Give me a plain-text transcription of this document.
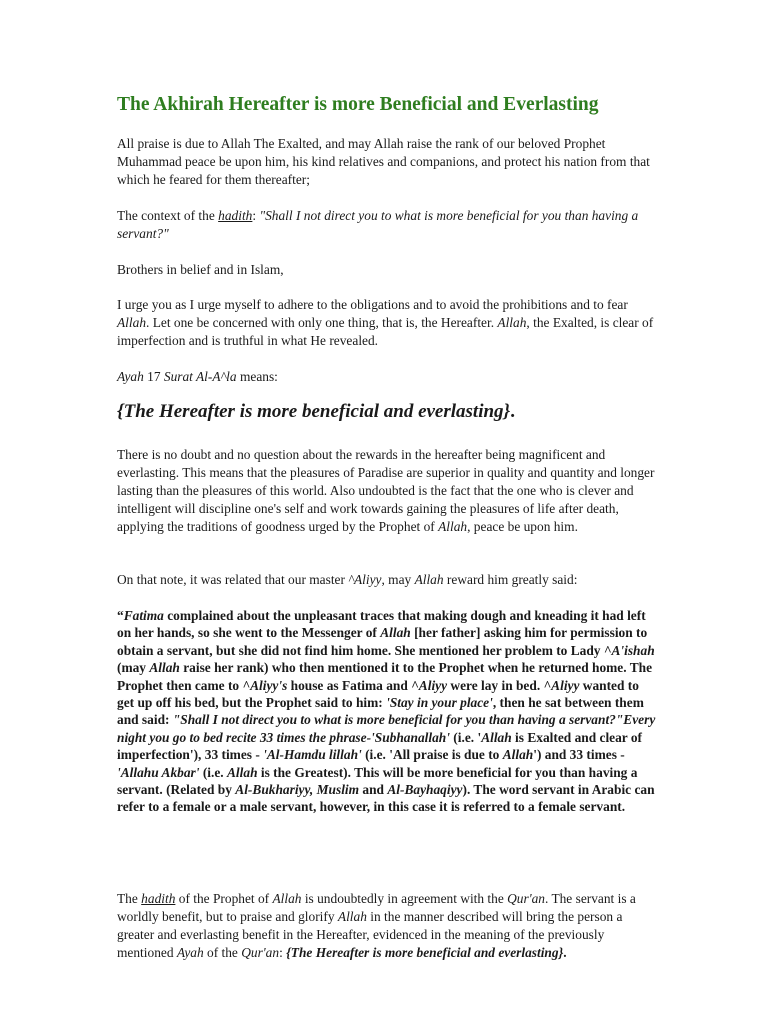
The Akhirah Hereafter is more Beneficial and Everlasting

All praise is due to Allah The Exalted, and may Allah raise the rank of our beloved Prophet Muhammad peace be upon him, his kind relatives and companions, and protect his nation from that which he feared for them thereafter;

The context of the hadith: "Shall I not direct you to what is more beneficial for you than having a servant?"

Brothers in belief and in Islam,

I urge you as I urge myself to adhere to the obligations and to avoid the prohibitions and to fear Allah. Let one be concerned with only one thing, that is, the Hereafter. Allah, the Exalted, is clear of imperfection and is truthful in what He revealed.

Ayah 17 Surat Al-A^la means:

{The Hereafter is more beneficial and everlasting}.

There is no doubt and no question about the rewards in the hereafter being magnificent and everlasting. This means that the pleasures of Paradise are superior in quality and quantity and longer lasting than the pleasures of this world. Also undoubted is the fact that the one who is clever and intelligent will discipline one's self and work towards gaining the pleasures of life after death, applying the traditions of goodness urged by the Prophet of Allah, peace be upon him.

On that note, it was related that our master ^Aliyy, may Allah reward him greatly said:

“Fatima complained about the unpleasant traces that making dough and kneading it had left on her hands, so she went to the Messenger of Allah [her father] asking him for permission to obtain a servant, but she did not find him home. She mentioned her problem to Lady ^A'ishah (may Allah raise her rank) who then mentioned it to the Prophet when he returned home. The Prophet then came to ^Aliyy's house as Fatima and ^Aliyy were lay in bed. ^Aliyy wanted to get up off his bed, but the Prophet said to him: 'Stay in your place', then he sat between them and said: "Shall I not direct you to what is more beneficial for you than having a servant?"Every night you go to bed recite 33 times the phrase-'Subhanallah' (i.e. 'Allah is Exalted and clear of imperfection'), 33 times - 'Al-Hamdu lillah' (i.e. 'All praise is due to Allah') and 33 times - 'Allahu Akbar' (i.e. Allah is the Greatest). This will be more beneficial for you than having a servant. (Related by Al-Bukhariyy, Muslim and Al-Bayhaqiyy). The word servant in Arabic can refer to a female or a male servant, however, in this case it is referred to a female servant.

The hadith of the Prophet of Allah is undoubtedly in agreement with the Qur'an. The servant is a worldly benefit, but to praise and glorify Allah in the manner described will bring the person a greater and everlasting benefit in the Hereafter, evidenced in the meaning of the previously mentioned Ayah of the Qur'an: {The Hereafter is more beneficial and everlasting}.
